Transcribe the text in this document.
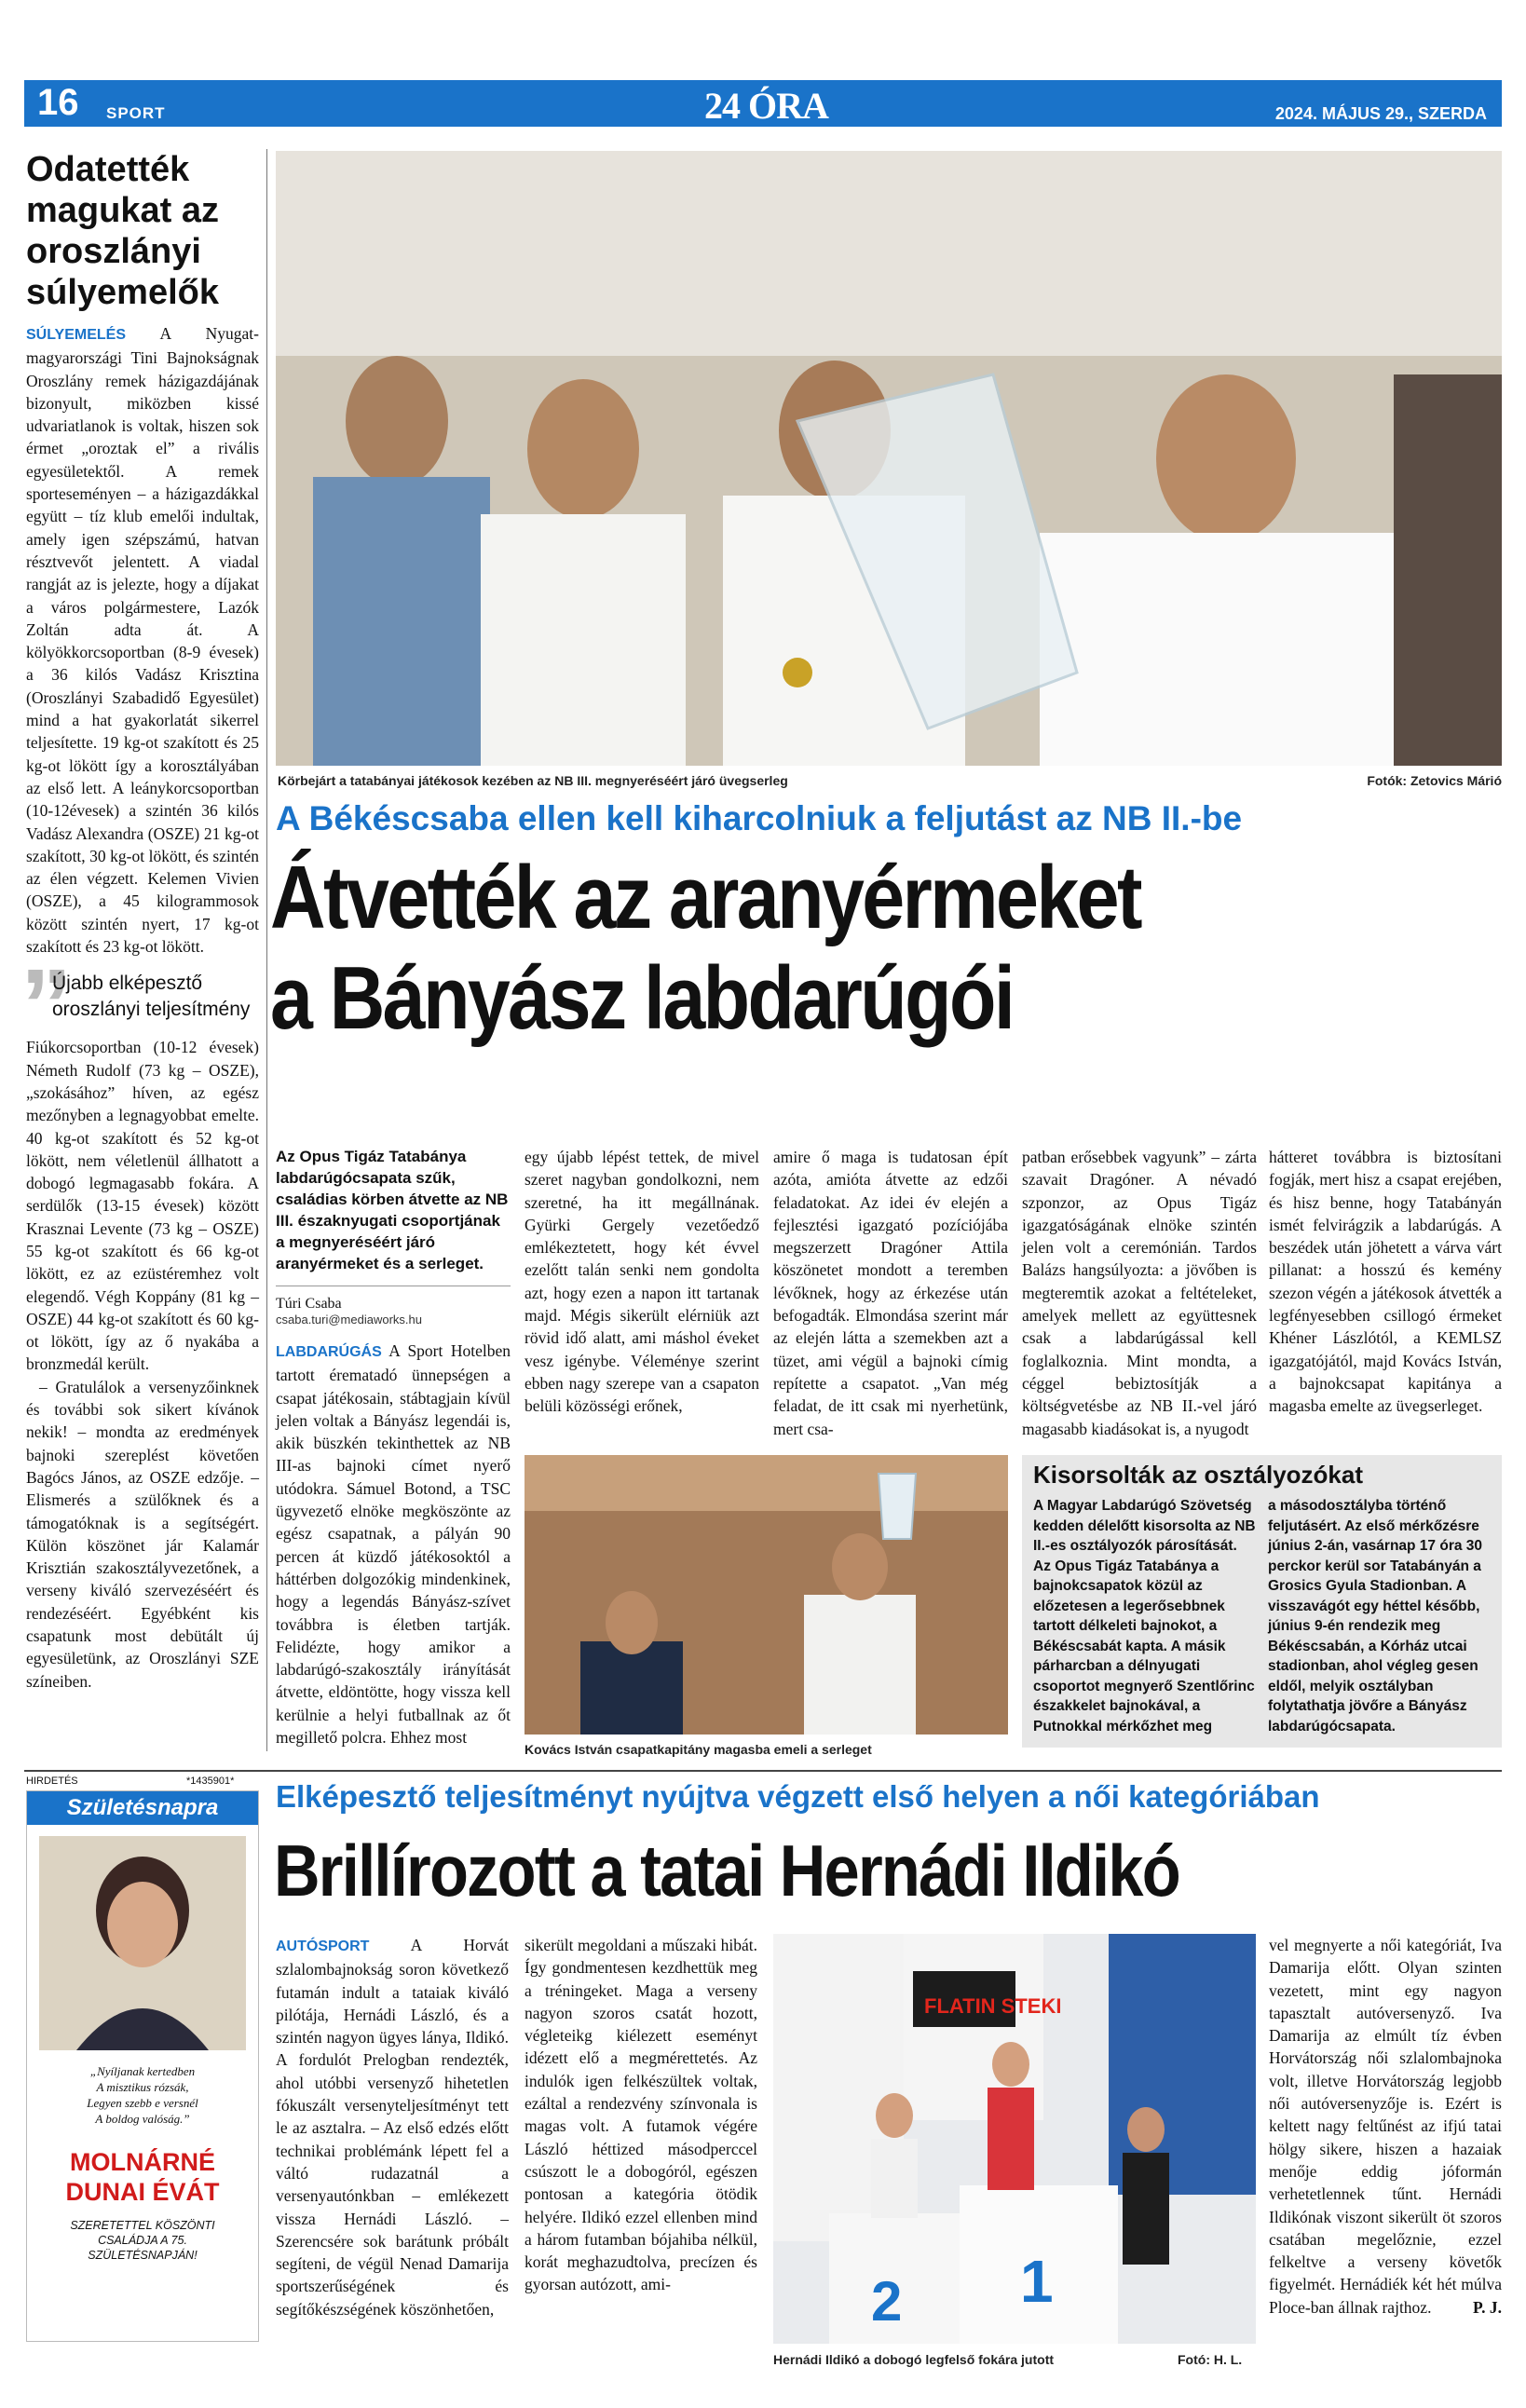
16 SPORT	24 ÓRA	2024. MÁJUS 29., SZERDA
Odatették magukat az oroszlányi súlyemelők
SÚLYEMELÉS A Nyugat-magyarországi Tini Bajnokságnak Oroszlány remek házigazdájának bizonyult, miközben kissé udvariatlanok is voltak, hiszen sok érmet „oroztak el” a rivális egyesületektől. A remek sporteseményen – a házigazdákkal együtt – tíz klub emelői indultak, amely igen szépszámú, hatvan résztvevőt jelentett. A viadal rangját az is jelezte, hogy a díjakat a város polgármestere, Lazók Zoltán adta át. A kölyökkorcsoportban (8-9 évesek) a 36 kilós Vadász Krisztina (Oroszlányi Szabadidő Egyesület) mind a hat gyakorlatát sikerrel teljesítette. 19 kg-ot szakított és 25 kg-ot lökött így a korosztályában az első lett. A leánykorcsoportban (10-12évesek) a szintén 36 kilós Vadász Alexandra (OSZE) 21 kg-ot szakított, 30 kg-ot lökött, és szintén az élen végzett. Kelemen Vivien (OSZE), a 45 kilogrammosok között szintén nyert, 17 kg-ot szakított és 23 kg-ot lökött.
”
Újabb elképesztő oroszlányi teljesítmény
Fiúkorcsoportban (10-12 évesek) Németh Rudolf (73 kg – OSZE), „szokásához” híven, az egész mezőnyben a legnagyobbat emelte. 40 kg-ot szakított és 52 kg-ot lökött, nem véletlenül állhatott a dobogó legmagasabb fokára. A serdülők (13-15 évesek) között Krasznai Levente (73 kg – OSZE) 55 kg-ot szakított és 66 kg-ot lökött, ez az ezüstéremhez volt elegendő. Végh Koppány (81 kg – OSZE) 44 kg-ot szakított és 60 kg-ot lökött, így az ő nyakába a bronzmedál került.
– Gratulálok a versenyzőinknek és további sok sikert kívánok nekik! – mondta az eredmények bajnoki szereplést követően Bagócs János, az OSZE edzője. – Elismerés a szülőknek és a támogatóknak is a segítségért. Külön köszönet jár Kalamár Krisztián szakosztályvezetőnek, a verseny kiváló szervezéséért és rendezéséért. Egyébként kis csapatunk most debütált új egyesületünk, az Oroszlányi SZE színeiben.
Körbejárt a tatabányai játékosok kezében az NB III. megnyeréséért járó üvegserleg	Fotók: Zetovics Márió
A Békéscsaba ellen kell kiharcolniuk a feljutást az NB II.-be
Átvették az aranyérmeket
a Bányász labdarúgói
Az Opus Tigáz Tatabánya labdarúgócsapata szűk, családias körben átvette az NB III. északnyugati csoportjának a megnyeréséért járó aranyérmeket és a serleget.
Túri Csaba
csaba.turi@mediaworks.hu
LABDARÚGÁS A Sport Hotelben tartott érematadó ünnepségen a csapat játékosain, stábtagjain kívül jelen voltak a Bányász legendái is, akik büszkén tekinthettek az NB III-as bajnoki címet nyerő utódokra. Sámuel Botond, a TSC ügyvezető elnöke megköszönte az egész csapatnak, a pályán 90 percen át küzdő játékosoktól a háttérben dolgozókig mindenkinek, hogy a legendás Bányász-szívet továbbra is életben tartják. Felidézte, hogy amikor a labdarúgó-szakosztály irányítását átvette, eldöntötte, hogy vissza kell kerülnie a helyi futballnak az őt megillető polcra. Ehhez most
egy újabb lépést tettek, de mivel szeret nagyban gondolkozni, nem szeretné, ha itt megállnának. Gyürki Gergely vezetőedző emlékeztetett, hogy két évvel ezelőtt talán senki nem gondolta azt, hogy ezen a napon itt tartanak majd. Mégis sikerült elérniük azt rövid idő alatt, ami máshol éveket vesz igénybe. Véleménye szerint ebben nagy szerepe van a csapaton belüli közösségi erőnek,
amire ő maga is tudatosan épít azóta, amióta átvette az edzői feladatokat. Az idei év elején a fejlesztési igazgató pozíciójába megszerzett Dragóner Attila köszönetet mondott a teremben lévőknek, hogy az érkezése után befogadták. Elmondása szerint már az elején látta a szemekben azt a tüzet, ami végül a bajnoki címig repítette a csapatot. „Van még feladat, de itt csak mi nyerhetünk, mert csa-
Kovács István csapatkapitány magasba emeli a serleget
patban erősebbek vagyunk” – zárta szavait Dragóner. A névadó szponzor, az Opus Tigáz igazgatóságának elnöke szintén jelen volt a ceremónián. Tardos Balázs hangsúlyozta: a jövőben is megteremtik azokat a feltételeket, amelyek mellett az együttesnek csak a labdarúgással kell foglalkoznia. Mint mondta, a céggel bebiztosítják a költségvetésbe az NB II.-vel járó magasabb kiadásokat is, a nyugodt
hátteret továbbra is biztosítani fogják, mert hisz a csapat erejében, és hisz benne, hogy Tatabányán ismét felvirágzik a labdarúgás. A beszédek után jöhetett a várva várt pillanat: a hosszú és kemény szezon végén a játékosok átvették a legfényesebben csillogó érmeket Khéner Lászlótól, a KEMLSZ igazgatójától, majd Kovács István, a bajnokcsapat kapitánya a magasba emelte az üvegserleget.
Kisorsolták az osztályozókat
A Magyar Labdarúgó Szövetség kedden délelőtt kisorsolta az NB II.-es osztályozók párosítását. Az Opus Tigáz Tatabánya a bajnokcsapatok közül az előzetesen a legerősebbnek tartott délkeleti bajnokot, a Békéscsabát kapta. A másik párharcban a délnyugati csoportot megnyerő Szentlőrinc északkelet bajnokával, a Putnokkal mérkőzhet meg
a másodosztályba történő feljutásért. Az első mérkőzésre június 2-án, vasárnap 17 óra 30 perckor kerül sor Tatabányán a Grosics Gyula Stadionban. A visszavágót egy héttel később, június 9-én rendezik meg Békéscsabán, a Kórház utcai stadionban, ahol végleg gesen eldől, melyik osztályban folytathatja jövőre a Bányász labdarúgócsapata.
HIRDETÉS	*1435901*
Születésnapra
„Nyíljanak kertedben
A misztikus rózsák,
Legyen szebb e versnél
A boldog valóság.”
MOLNÁRNÉ
DUNAI ÉVÁT
SZERETETTEL KÖSZÖNTI CSALÁDJA A 75. SZÜLETÉSNAPJÁN!
Elképesztő teljesítményt nyújtva végzett első helyen a női kategóriában
Brillírozott a tatai Hernádi Ildikó
AUTÓSPORT	A Horvát szlalombajnokság soron következő futamán indult a tataiak kiváló pilótája, Hernádi László, és a szintén nagyon ügyes lánya, Ildikó. A fordulót Prelogban rendezték, ahol utóbbi versenyző hihetetlen fókuszált versenyteljesítményt tett le az asztalra. – Az első edzés előtt technikai problémánk lépett fel a váltó rudazatnál a versenyautónkban – emlékezett vissza Hernádi László. – Szerencsére sok barátunk próbált segíteni, de végül Nenad Damarija sportszerűségének és segítőkészségének köszönhetően,
sikerült megoldani a műszaki hibát. Így gondmentesen kezdhettük meg a tréningeket. Maga a verseny nagyon szoros csatát hozott, végleteikg kiélezett eseményt idézett elő a megmérettetés. Az indulók igen felkészültek voltak, ezáltal a rendezvény színvonala is magas volt. A futamok végére László héttized másodperccel csúszott le a dobogóról, egészen pontosan a kategória ötödik helyére. Ildikó ezzel ellenben mind a három futamban bójahiba nélkül, korát meghazudtolva, precízen és gyorsan autózott, ami-
FLATIN STEKI
2 1
Hernádi Ildikó a dobogó legfelső fokára jutott	Fotó: H. L.
vel megnyerte a női kategóriát, Iva Damarija előtt. Olyan szinten vezetett, mint egy nagyon tapasztalt autóversenyző. Iva Damarija az elmúlt tíz évben Horvátország női szlalombajnoka volt, illetve Horvátország legjobb női autóversenyzője is. Ezért is keltett nagy feltűnést az ifjú tatai hölgy sikere, hiszen a hazaiak menője eddig jóformán verhetetlennek tűnt. Hernádi Ildikónak viszont sikerült öt szoros csatában megelőznie, ezzel felkeltve a verseny követők figyelmét. Hernádiék két hét múlva Ploce-ban állnak rajthoz.	P. J.
